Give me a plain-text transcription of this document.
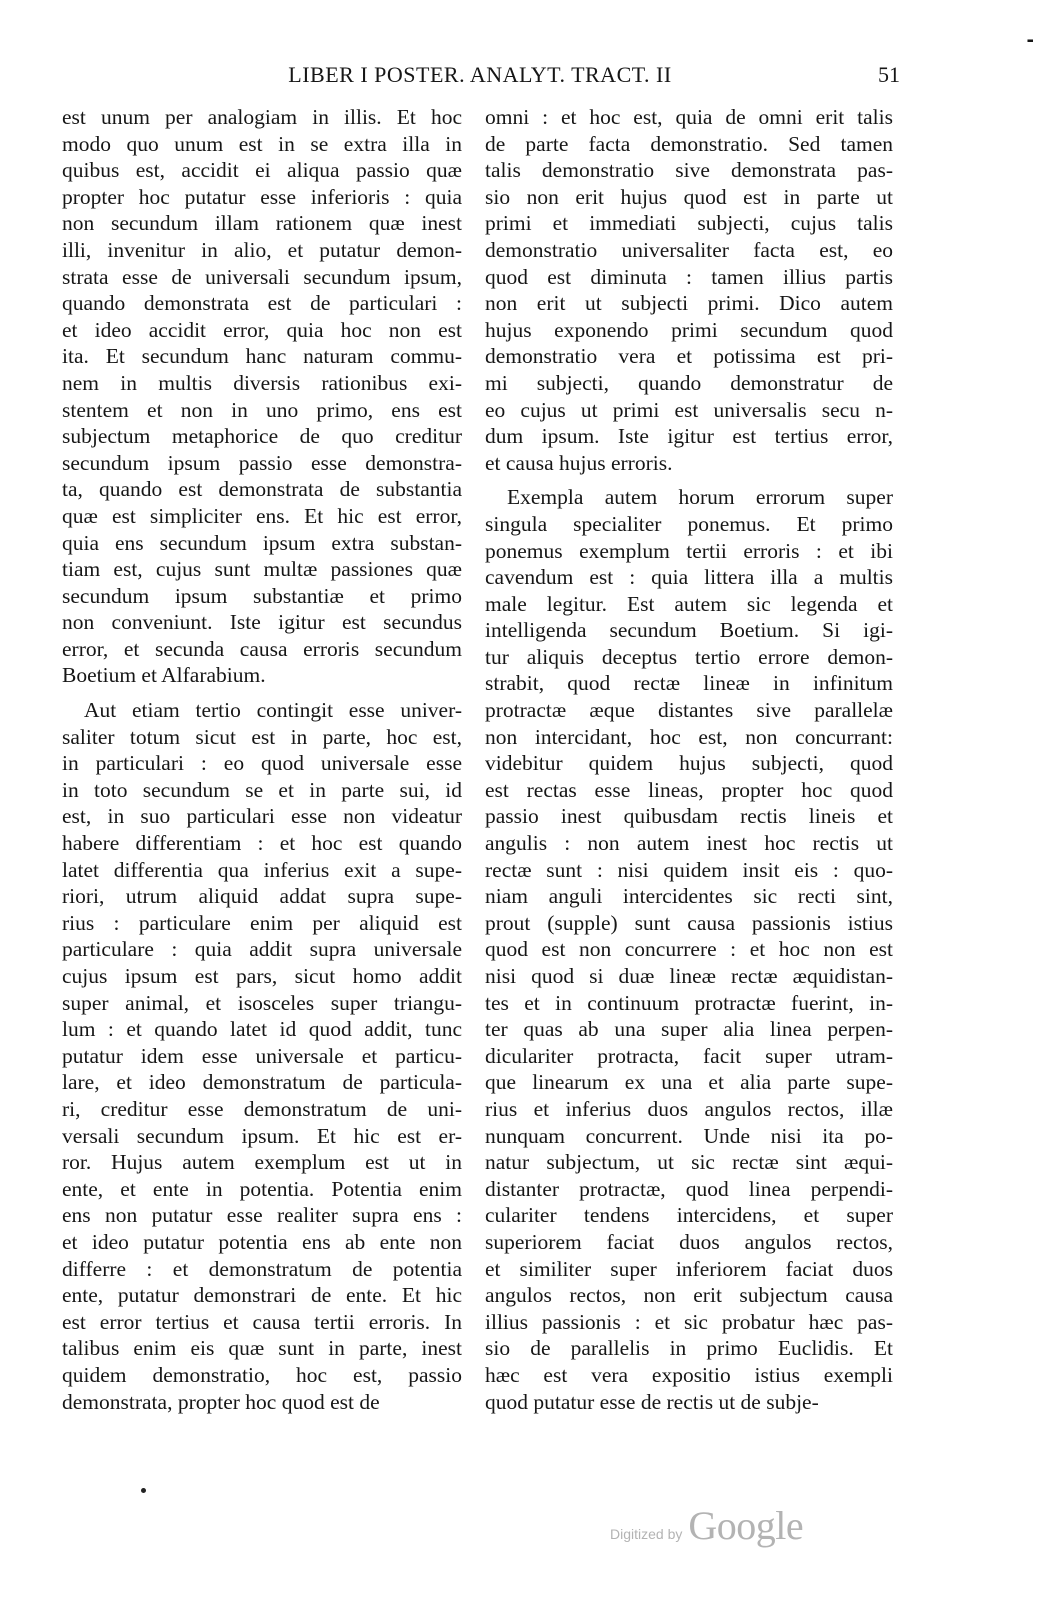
LIBER I POSTER. ANALYT. TRACT. II	51
-
est unum per analogiam in illis. Et hoc
modo quo unum est in se extra illa in
quibus est, accidit ei aliqua passio quæ
propter hoc putatur esse inferioris : quia
non secundum illam rationem quæ inest
illi, invenitur in alio, et putatur demon-
strata esse de universali secundum ipsum,
quando demonstrata est de particulari :
et ideo accidit error, quia hoc non est
ita. Et secundum hanc naturam commu-
nem in multis diversis rationibus exi-
stentem et non in uno primo, ens est
subjectum metaphorice de quo creditur
secundum ipsum passio esse demonstra-
ta, quando est demonstrata de substantia
quæ est simpliciter ens. Et hic est error,
quia ens secundum ipsum extra substan-
tiam est, cujus sunt multæ passiones quæ
secundum ipsum substantiæ et primo
non conveniunt. Iste igitur est secundus
error, et secunda causa erroris secundum
Boetium et Alfarabium.
Aut etiam tertio contingit esse univer-
saliter totum sicut est in parte, hoc est,
in particulari : eo quod universale esse
in toto secundum se et in parte sui, id
est, in suo particulari esse non videatur
habere differentiam : et hoc est quando
latet differentia qua inferius exit a supe-
riori, utrum aliquid addat supra supe-
rius : particulare enim per aliquid est
particulare : quia addit supra universale
cujus ipsum est pars, sicut homo addit
super animal, et isosceles super triangu-
lum : et quando latet id quod addit, tunc
putatur idem esse universale et particu-
lare, et ideo demonstratum de particula-
ri, creditur esse demonstratum de uni-
versali secundum ipsum. Et hic est er-
ror. Hujus autem exemplum est ut in
ente, et ente in potentia. Potentia enim
ens non putatur esse realiter supra ens :
et ideo putatur potentia ens ab ente non
differre : et demonstratum de potentia
ente, putatur demonstrari de ente. Et hic
est error tertius et causa tertii erroris. In
talibus enim eis quæ sunt in parte, inest
quidem demonstratio, hoc est, passio
demonstrata, propter hoc quod est de
omni : et hoc est, quia de omni erit talis
de parte facta demonstratio. Sed tamen
talis demonstratio sive demonstrata pas-
sio non erit hujus quod est in parte ut
primi et immediati subjecti, cujus talis
demonstratio universaliter facta est, eo
quod est diminuta : tamen illius partis
non erit ut subjecti primi. Dico autem
hujus exponendo primi secundum quod
demonstratio vera et potissima est pri-
mi subjecti, quando demonstratur de
eo cujus ut primi est universalis secu n-
dum ipsum. Iste igitur est tertius error,
et causa hujus erroris.
Exempla autem horum errorum super
singula specialiter ponemus. Et primo
ponemus exemplum tertii erroris : et ibi
cavendum est : quia littera illa a multis
male legitur. Est autem sic legenda et
intelligenda secundum Boetium. Si igi-
tur aliquis deceptus tertio errore demon-
strabit, quod rectæ lineæ in infinitum
protractæ æque distantes sive parallelæ
non intercidant, hoc est, non concurrant:
videbitur quidem hujus subjecti, quod
est rectas esse lineas, propter hoc quod
passio inest quibusdam rectis lineis et
angulis : non autem inest hoc rectis ut
rectæ sunt : nisi quidem insit eis : quo-
niam anguli intercidentes sic recti sint,
prout (supple) sunt causa passionis istius
quod est non concurrere : et hoc non est
nisi quod si duæ lineæ rectæ æquidistan-
tes et in continuum protractæ fuerint, in-
ter quas ab una super alia linea perpen-
diculariter protracta, facit super utram-
que linearum ex una et alia parte supe-
rius et inferius duos angulos rectos, illæ
nunquam concurrent. Unde nisi ita po-
natur subjectum, ut sic rectæ sint æqui-
distanter protractæ, quod linea perpendi-
culariter tendens intercidens, et super
superiorem faciat duos angulos rectos,
et similiter super inferiorem faciat duos
angulos rectos, non erit subjectum causa
illius passionis : et sic probatur hæc pas-
sio de parallelis in primo Euclidis. Et
hæc est vera expositio istius exempli
quod putatur esse de rectis ut de subje-
Digitized by Google
